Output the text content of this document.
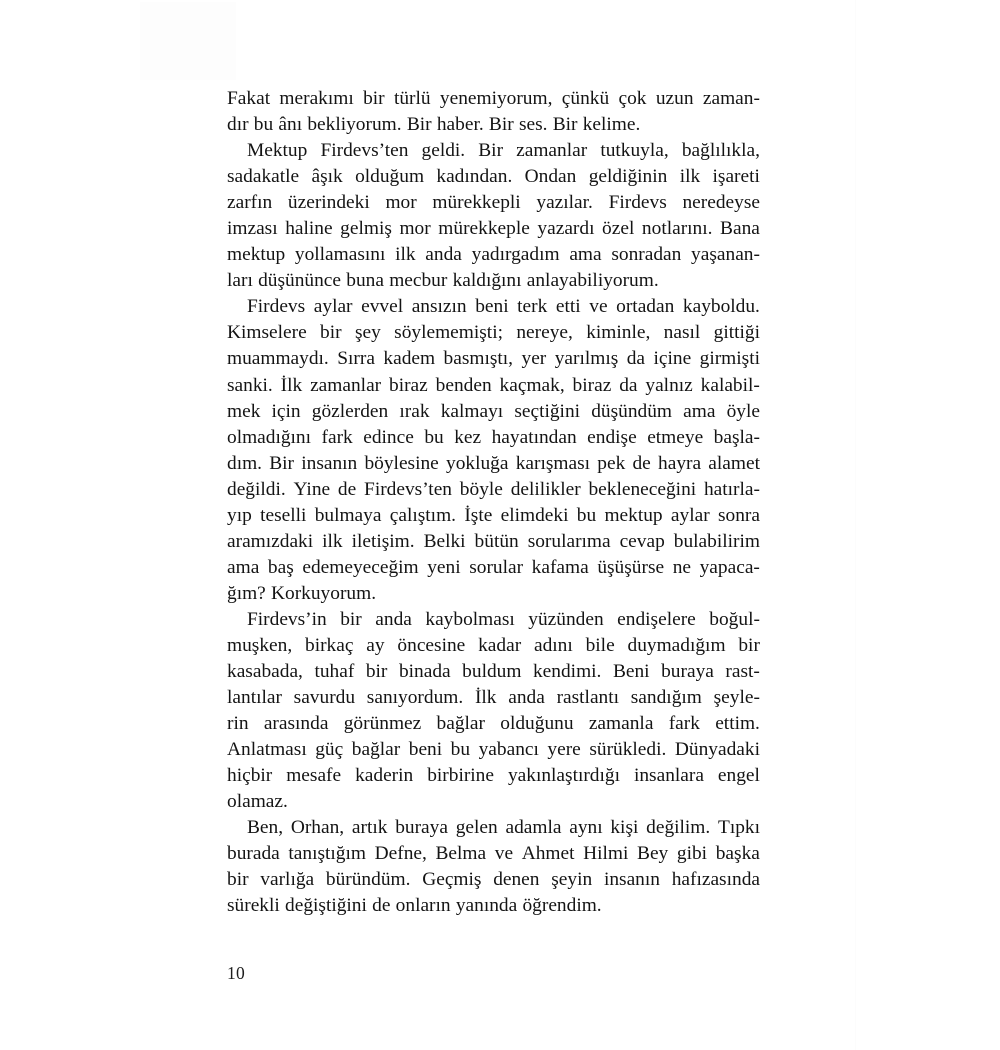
Fakat merakımı bir türlü yenemiyorum, çünkü çok uzun zaman-
dır bu ânı bekliyorum. Bir haber. Bir ses. Bir kelime.

Mektup Firdevs’ten geldi. Bir zamanlar tutkuyla, bağlılıkla,
sadakatle âşık olduğum kadından. Ondan geldiğinin ilk işareti
zarfın üzerindeki mor mürekkepli yazılar. Firdevs neredeyse
imzası haline gelmiş mor mürekkeple yazardı özel notlarını. Bana
mektup yollamasını ilk anda yadırgadım ama sonradan yaşanan-
ları düşününce buna mecbur kaldığını anlayabiliyorum.

Firdevs aylar evvel ansızın beni terk etti ve ortadan kayboldu.
Kimselere bir şey söylememişti; nereye, kiminle, nasıl gittiği
muammaydı. Sırra kadem basmıştı, yer yarılmış da içine girmişti
sanki. İlk zamanlar biraz benden kaçmak, biraz da yalnız kalabil-
mek için gözlerden ırak kalmayı seçtiğini düşündüm ama öyle
olmadığını fark edince bu kez hayatından endişe etmeye başla-
dım. Bir insanın böylesine yokluğa karışması pek de hayra alamet
değildi. Yine de Firdevs’ten böyle delilikler bekleneceğini hatırla-
yıp teselli bulmaya çalıştım. İşte elimdeki bu mektup aylar sonra
aramızdaki ilk iletişim. Belki bütün sorularıma cevap bulabilirim
ama baş edemeyeceğim yeni sorular kafama üşüşürse ne yapaca-
ğım? Korkuyorum.

Firdevs’in bir anda kaybolması yüzünden endişelere boğul-
muşken, birkaç ay öncesine kadar adını bile duymadığım bir
kasabada, tuhaf bir binada buldum kendimi. Beni buraya rast-
lantılar savurdu sanıyordum. İlk anda rastlantı sandığım şeyle-
rin arasında görünmez bağlar olduğunu zamanla fark ettim.
Anlatması güç bağlar beni bu yabancı yere sürükledi. Dünyadaki
hiçbir mesafe kaderin birbirine yakınlaştırdığı insanlara engel
olamaz.

Ben, Orhan, artık buraya gelen adamla aynı kişi değilim. Tıpkı
burada tanıştığım Defne, Belma ve Ahmet Hilmi Bey gibi başka
bir varlığa büründüm. Geçmiş denen şeyin insanın hafızasında
sürekli değiştiğini de onların yanında öğrendim.

10
